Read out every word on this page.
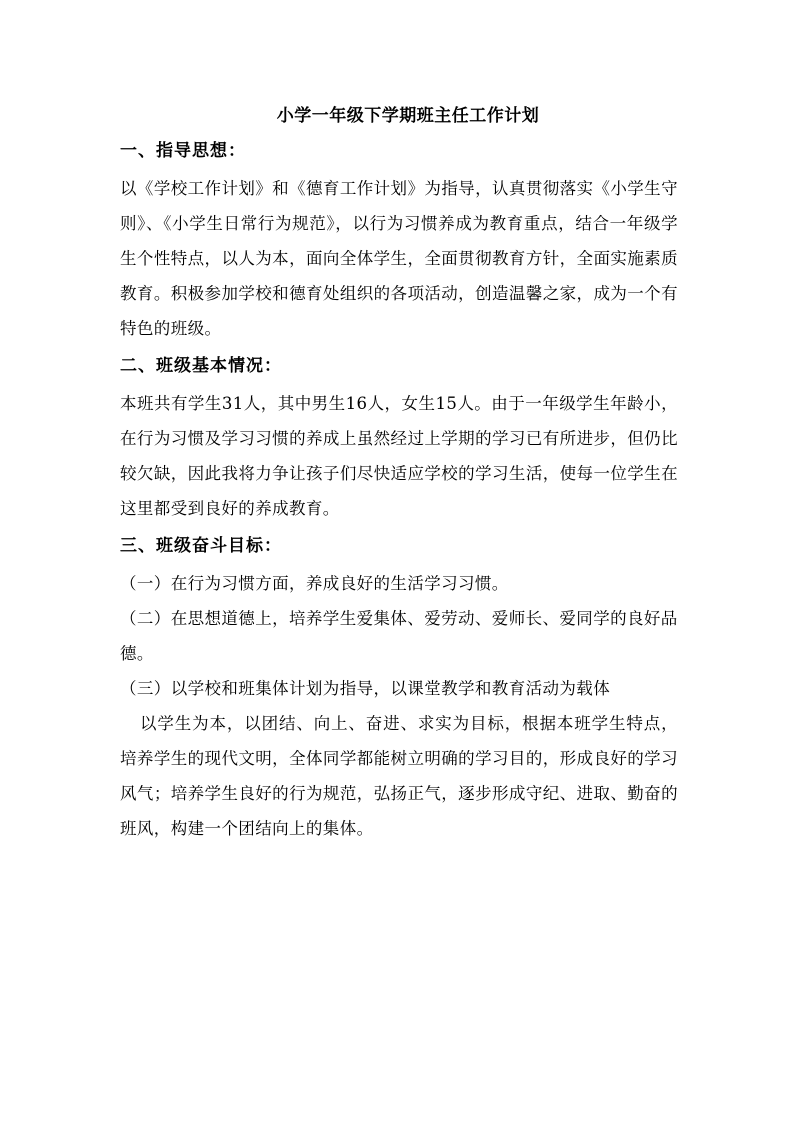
小学一年级下学期班主任工作计划
一、指导思想：
以《学校工作计划》和《德育工作计划》为指导，认真贯彻落实《小学生守则》、《小学生日常行为规范》，以行为习惯养成为教育重点，结合一年级学生个性特点，以人为本，面向全体学生，全面贯彻教育方针，全面实施素质教育。积极参加学校和德育处组织的各项活动，创造温馨之家，成为一个有特色的班级。
二、班级基本情况：
本班共有学生31人，其中男生16人，女生15人。由于一年级学生年龄小，在行为习惯及学习习惯的养成上虽然经过上学期的学习已有所进步，但仍比较欠缺，因此我将力争让孩子们尽快适应学校的学习生活，使每一位学生在这里都受到良好的养成教育。
三、班级奋斗目标：
（一）在行为习惯方面，养成良好的生活学习习惯。
（二）在思想道德上，培养学生爱集体、爱劳动、爱师长、爱同学的良好品德。
（三）以学校和班集体计划为指导，以课堂教学和教育活动为载体
以学生为本，以团结、向上、奋进、求实为目标，根据本班学生特点，培养学生的现代文明，全体同学都能树立明确的学习目的，形成良好的学习风气；培养学生良好的行为规范，弘扬正气，逐步形成守纪、进取、勤奋的班风，构建一个团结向上的集体。
